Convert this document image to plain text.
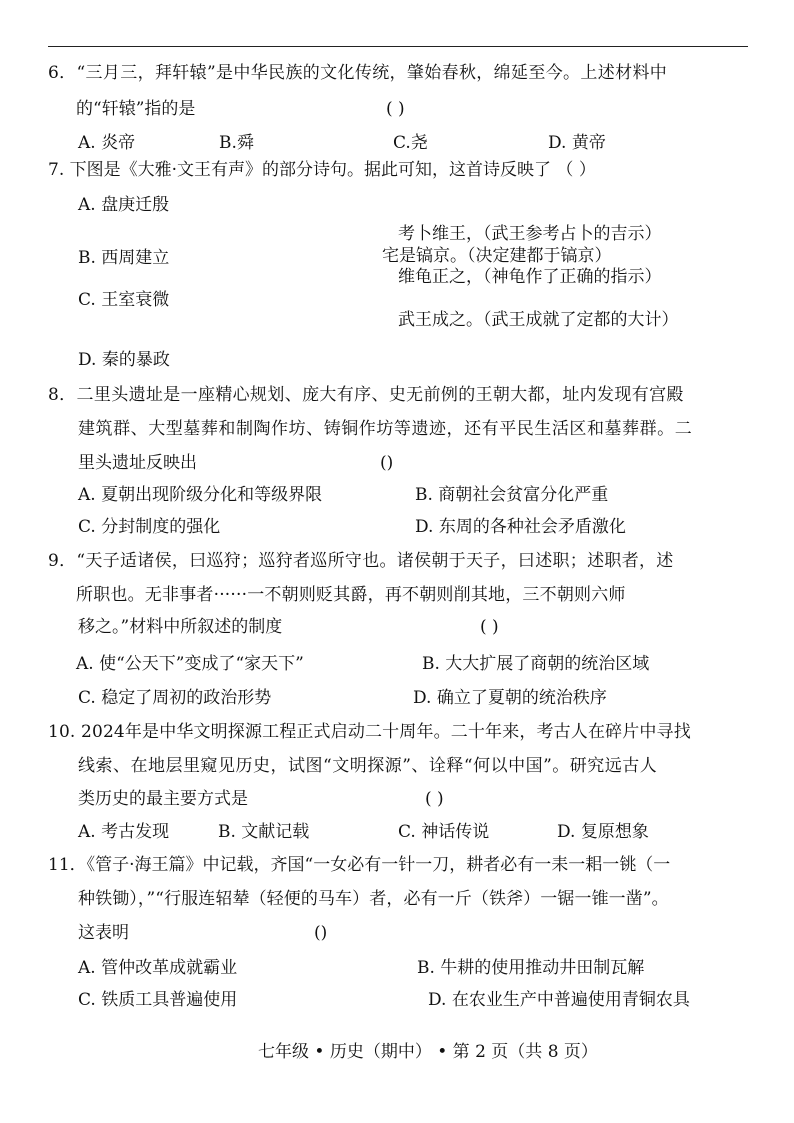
6．“三月三，拜轩辕”是中华民族的文化传统，肇始春秋，绵延至今。上述材料中
的“轩辕”指的是	( )
A. 炎帝	B.舜	C.尧	D. 黄帝
7. 下图是《大雅·文王有声》的部分诗句。据此可知，这首诗反映了 （ ）
A. 盘庚迁殷
B. 西周建立
C. 王室衰微
D. 秦的暴政
考卜维王，（武王参考占卜的吉示）
宅是镐京。（决定建都于镐京）
维龟正之，（神龟作了正确的指示）
武王成之。（武王成就了定都的大计）
8．二里头遗址是一座精心规划、庞大有序、史无前例的王朝大都，址内发现有宫殿
建筑群、大型墓葬和制陶作坊、铸铜作坊等遗迹，还有平民生活区和墓葬群。二
里头遗址反映出	()
A. 夏朝出现阶级分化和等级界限	B. 商朝社会贫富分化严重
C. 分封制度的强化	D. 东周的各种社会矛盾激化
9．“天子适诸侯，曰巡狩；巡狩者巡所守也。诸侯朝于天子，曰述职；述职者，述
所职也。无非事者······一不朝则贬其爵，再不朝则削其地，三不朝则六师
移之。”材料中所叙述的制度	( )
A. 使“公天下”变成了“家天下”	B. 大大扩展了商朝的统治区域
C. 稳定了周初的政治形势	D. 确立了夏朝的统治秩序
10. 2024年是中华文明探源工程正式启动二十周年。二十年来，考古人在碎片中寻找
线索、在地层里窥见历史，试图“文明探源”、诠释“何以中国”。研究远古人
类历史的最主要方式是	( )
A. 考古发现	B. 文献记载	C. 神话传说	D. 复原想象
11．《管子·海王篇》中记载，齐国“一女必有一针一刀，耕者必有一耒一耜一铫（一
种铁锄），”“行服连轺辇（轻便的马车）者，必有一斤（铁斧）一锯一锥一凿”。
这表明	()
A. 管仲改革成就霸业	B. 牛耕的使用推动井田制瓦解
C. 铁质工具普遍使用	D. 在农业生产中普遍使用青铜农具
七年级 • 历史（期中） • 第 2 页（共 8 页）
